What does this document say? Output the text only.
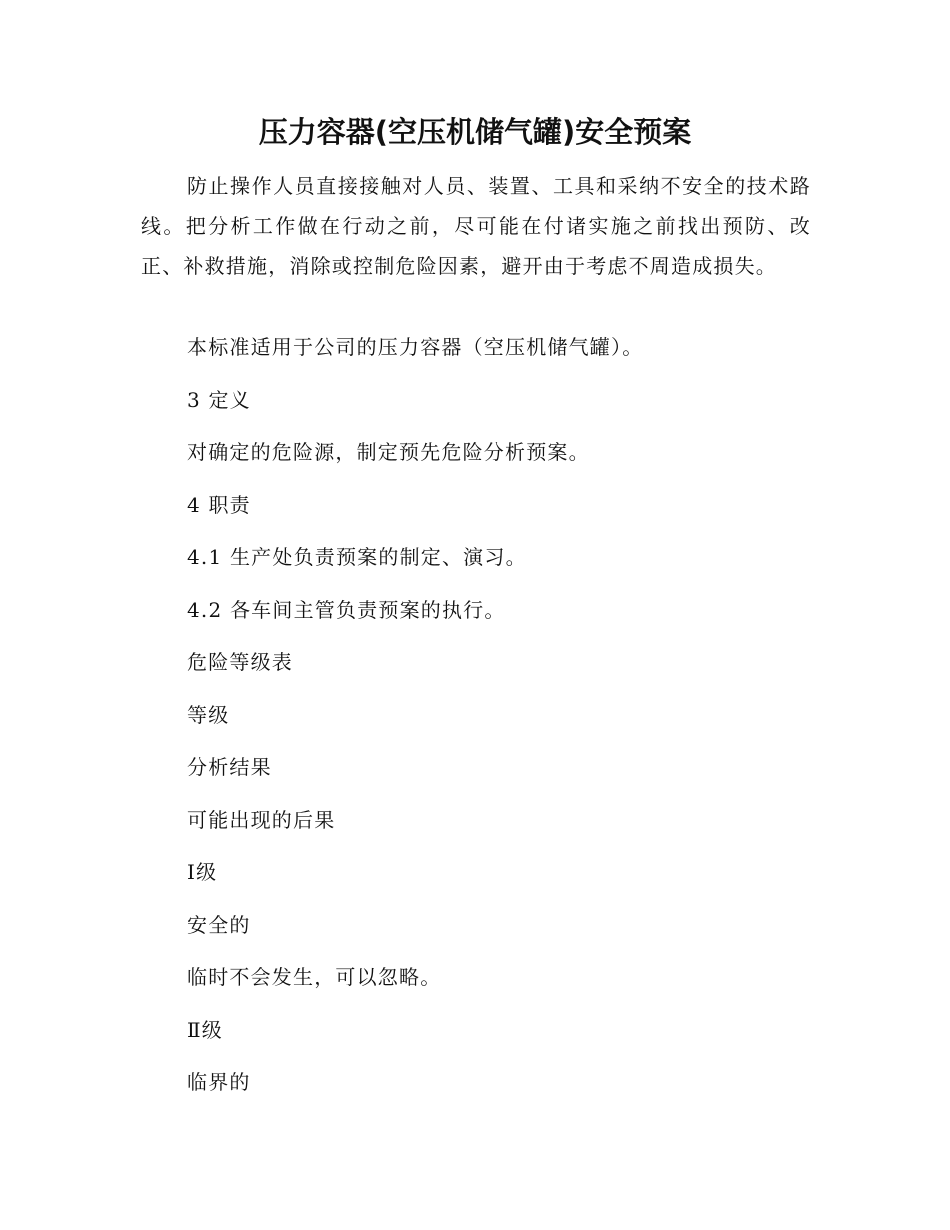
压力容器(空压机储气罐)安全预案

防止操作人员直接接触对人员、装置、工具和采纳不安全的技术路线。把分析工作做在行动之前，尽可能在付诸实施之前找出预防、改正、补救措施，消除或控制危险因素，避开由于考虑不周造成损失。

本标准适用于公司的压力容器（空压机储气罐）。

3 定义

对确定的危险源，制定预先危险分析预案。

4 职责

4.1 生产处负责预案的制定、演习。

4.2 各车间主管负责预案的执行。

危险等级表

等级

分析结果

可能出现的后果

Ⅰ级

安全的

临时不会发生，可以忽略。

Ⅱ级

临界的
